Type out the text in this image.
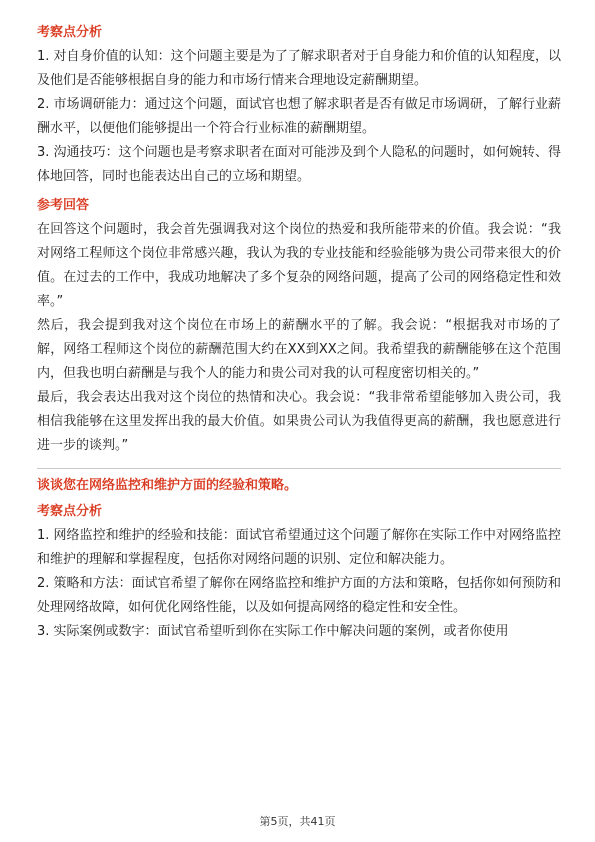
考察点分析

1. 对自身价值的认知：这个问题主要是为了了解求职者对于自身能力和价值的认知程度，以及他们是否能够根据自身的能力和市场行情来合理地设定薪酬期望。

2. 市场调研能力：通过这个问题，面试官也想了解求职者是否有做足市场调研，了解行业薪酬水平，以便他们能够提出一个符合行业标准的薪酬期望。

3. 沟通技巧：这个问题也是考察求职者在面对可能涉及到个人隐私的问题时，如何婉转、得体地回答，同时也能表达出自己的立场和期望。

参考回答

在回答这个问题时，我会首先强调我对这个岗位的热爱和我所能带来的价值。我会说：“我对网络工程师这个岗位非常感兴趣，我认为我的专业技能和经验能够为贵公司带来很大的价值。在过去的工作中，我成功地解决了多个复杂的网络问题，提高了公司的网络稳定性和效率。”

然后，我会提到我对这个岗位在市场上的薪酬水平的了解。我会说：“根据我对市场的了解，网络工程师这个岗位的薪酬范围大约在XX到XX之间。我希望我的薪酬能够在这个范围内，但我也明白薪酬是与我个人的能力和贵公司对我的认可程度密切相关的。”

最后，我会表达出我对这个岗位的热情和决心。我会说：“我非常希望能够加入贵公司，我相信我能够在这里发挥出我的最大价值。如果贵公司认为我值得更高的薪酬，我也愿意进行进一步的谈判。”

谈谈您在网络监控和维护方面的经验和策略。
考察点分析

1. 网络监控和维护的经验和技能：面试官希望通过这个问题了解你在实际工作中对网络监控和维护的理解和掌握程度，包括你对网络问题的识别、定位和解决能力。

2. 策略和方法：面试官希望了解你在网络监控和维护方面的方法和策略，包括你如何预防和处理网络故障，如何优化网络性能，以及如何提高网络的稳定性和安全性。

3. 实际案例或数字：面试官希望听到你在实际工作中解决问题的案例，或者你使用

第5页，共41页
